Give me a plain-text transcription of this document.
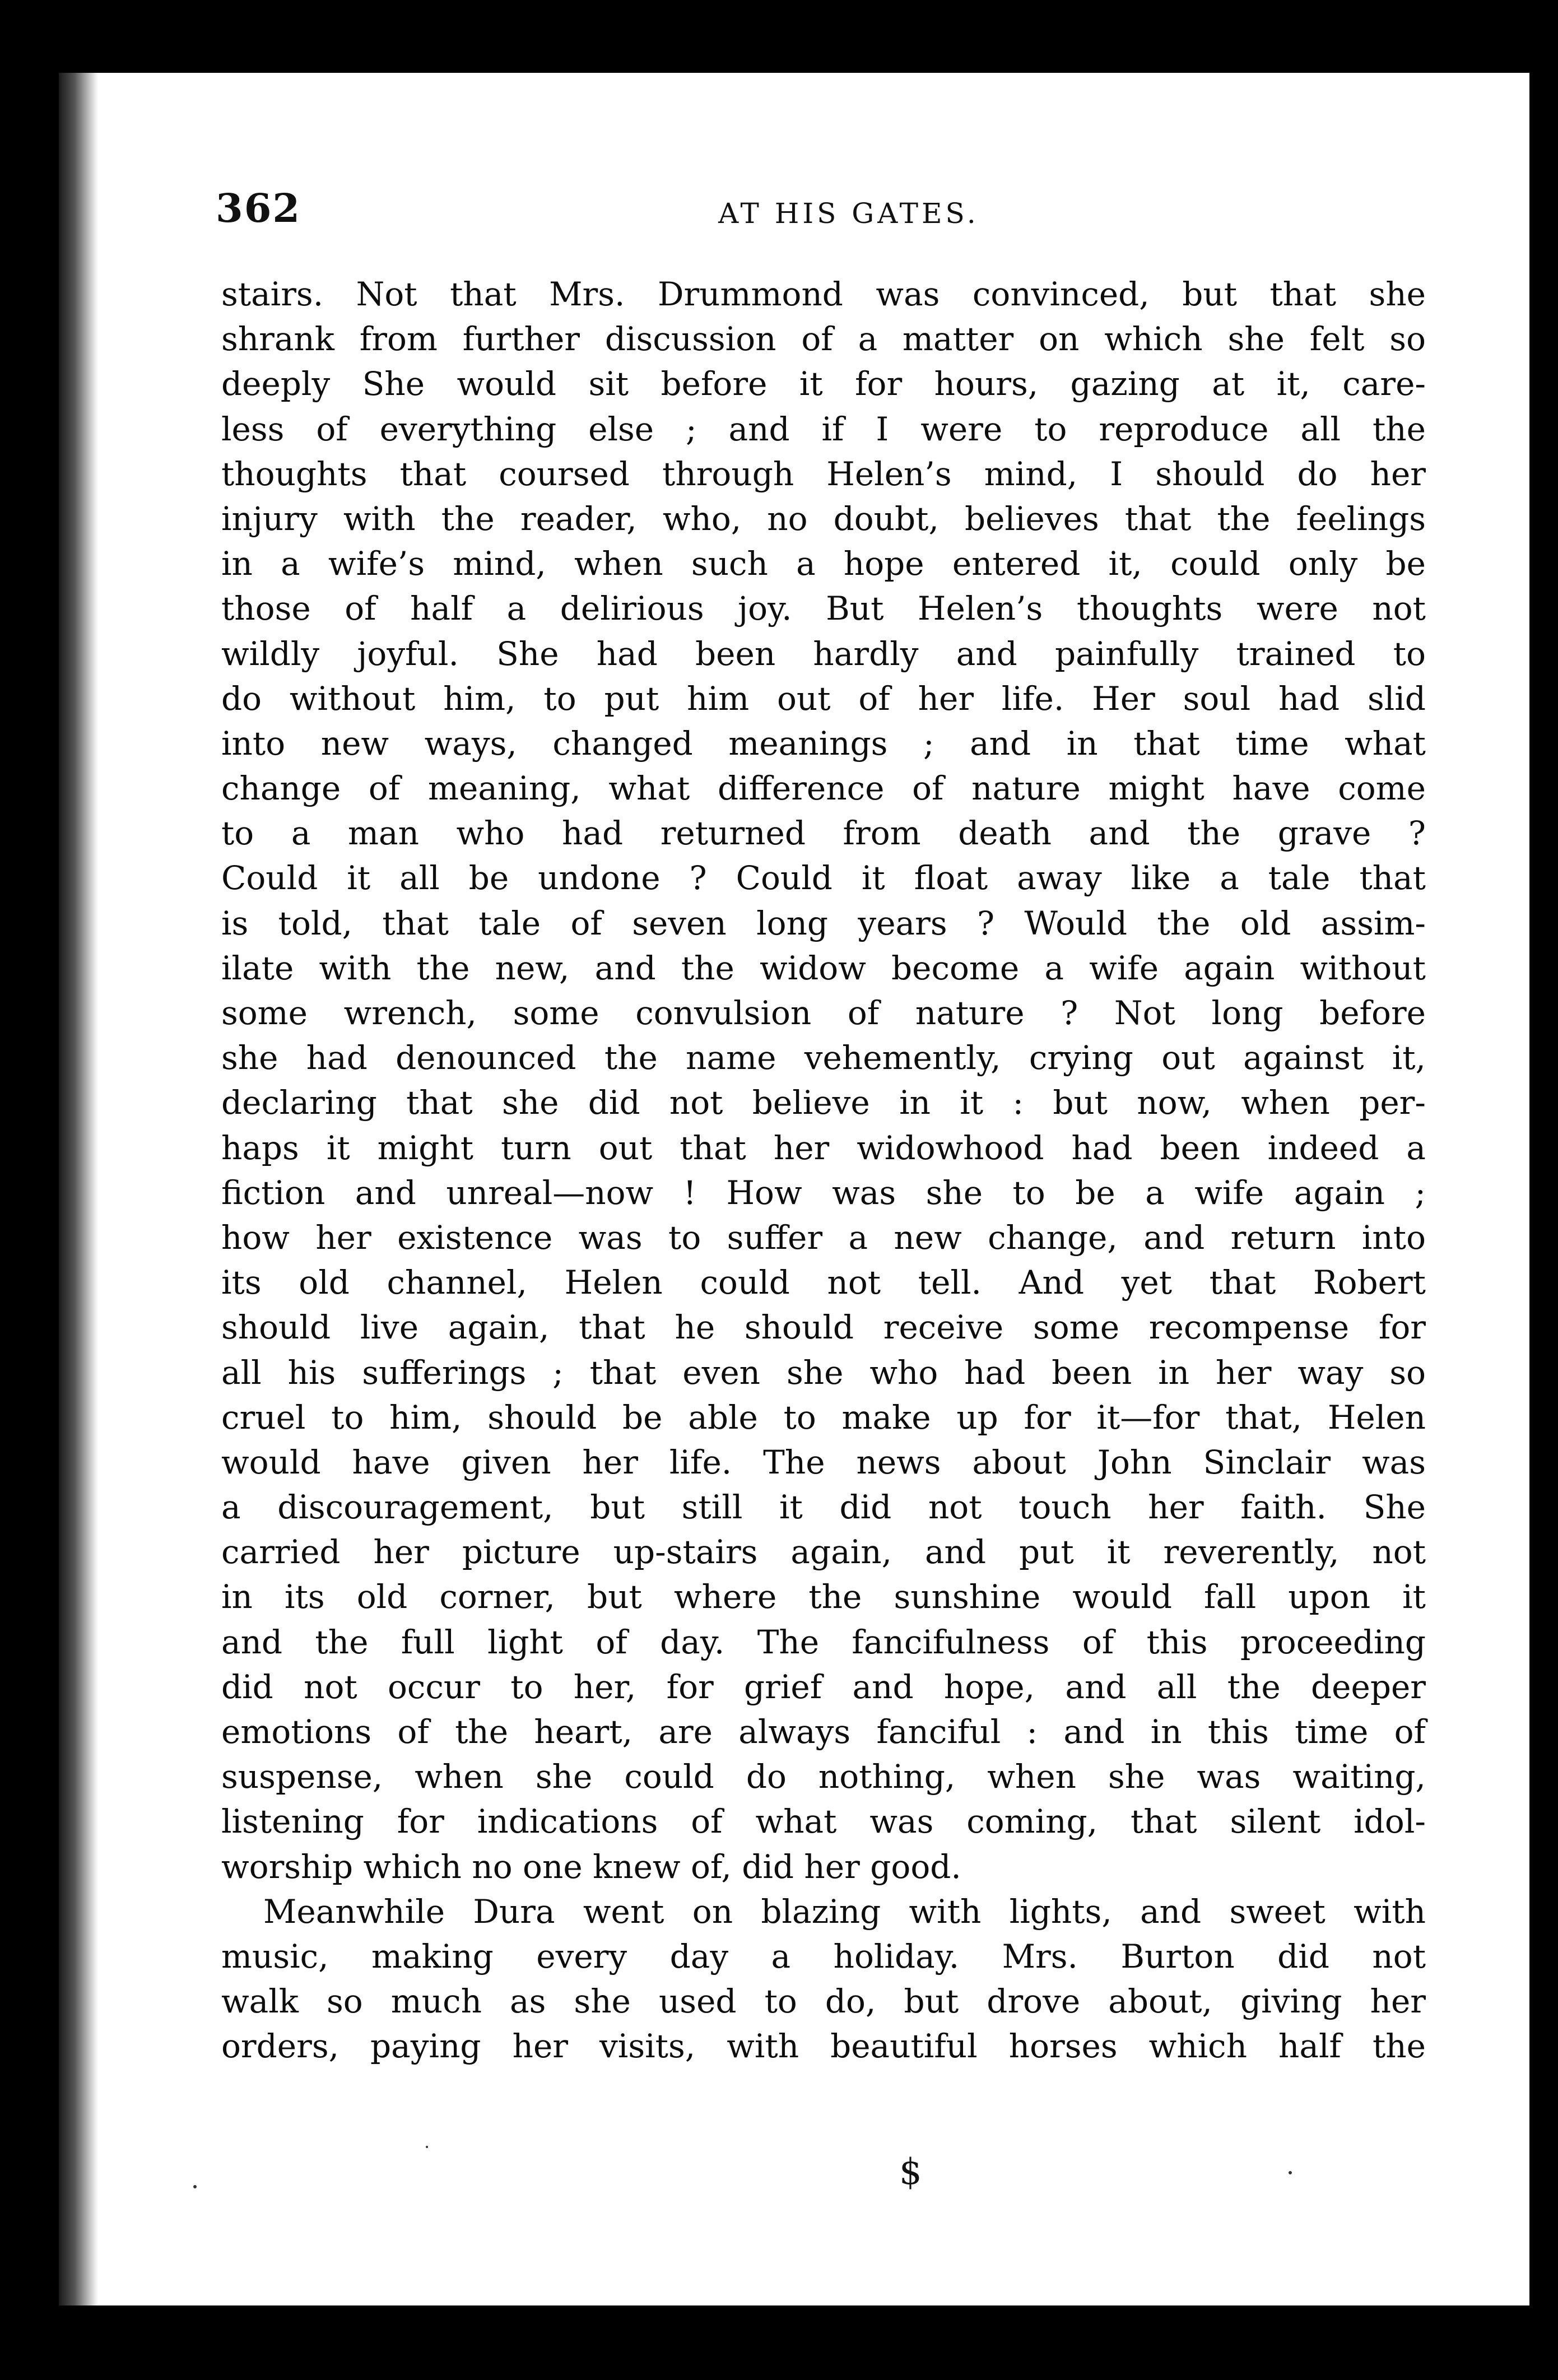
362	AT HIS GATES.
stairs. Not that Mrs. Drummond was convinced, but that she
shrank from further discussion of a matter on which she felt so
deeply She would sit before it for hours, gazing at it, care-
less of everything else ; and if I were to reproduce all the
thoughts that coursed through Helen’s mind, I should do her
injury with the reader, who, no doubt, believes that the feelings
in a wife’s mind, when such a hope entered it, could only be
those of half a delirious joy. But Helen’s thoughts were not
wildly joyful. She had been hardly and painfully trained to
do without him, to put him out of her life. Her soul had slid
into new ways, changed meanings ; and in that time what
change of meaning, what difference of nature might have come
to a man who had returned from death and the grave ?
Could it all be undone ? Could it float away like a tale that
is told, that tale of seven long years ? Would the old assim-
ilate with the new, and the widow become a wife again without
some wrench, some convulsion of nature ? Not long before
she had denounced the name vehemently, crying out against it,
declaring that she did not believe in it : but now, when per-
haps it might turn out that her widowhood had been indeed a
fiction and unreal—now ! How was she to be a wife again ;
how her existence was to suffer a new change, and return into
its old channel, Helen could not tell. And yet that Robert
should live again, that he should receive some recompense for
all his sufferings ; that even she who had been in her way so
cruel to him, should be able to make up for it—for that, Helen
would have given her life. The news about John Sinclair was
a discouragement, but still it did not touch her faith. She
carried her picture up-stairs again, and put it reverently, not
in its old corner, but where the sunshine would fall upon it
and the full light of day. The fancifulness of this proceeding
did not occur to her, for grief and hope, and all the deeper
emotions of the heart, are always fanciful : and in this time of
suspense, when she could do nothing, when she was waiting,
listening for indications of what was coming, that silent idol-
worship which no one knew of, did her good.
Meanwhile Dura went on blazing with lights, and sweet with
music, making every day a holiday. Mrs. Burton did not
walk so much as she used to do, but drove about, giving her
orders, paying her visits, with beautiful horses which half the
$
